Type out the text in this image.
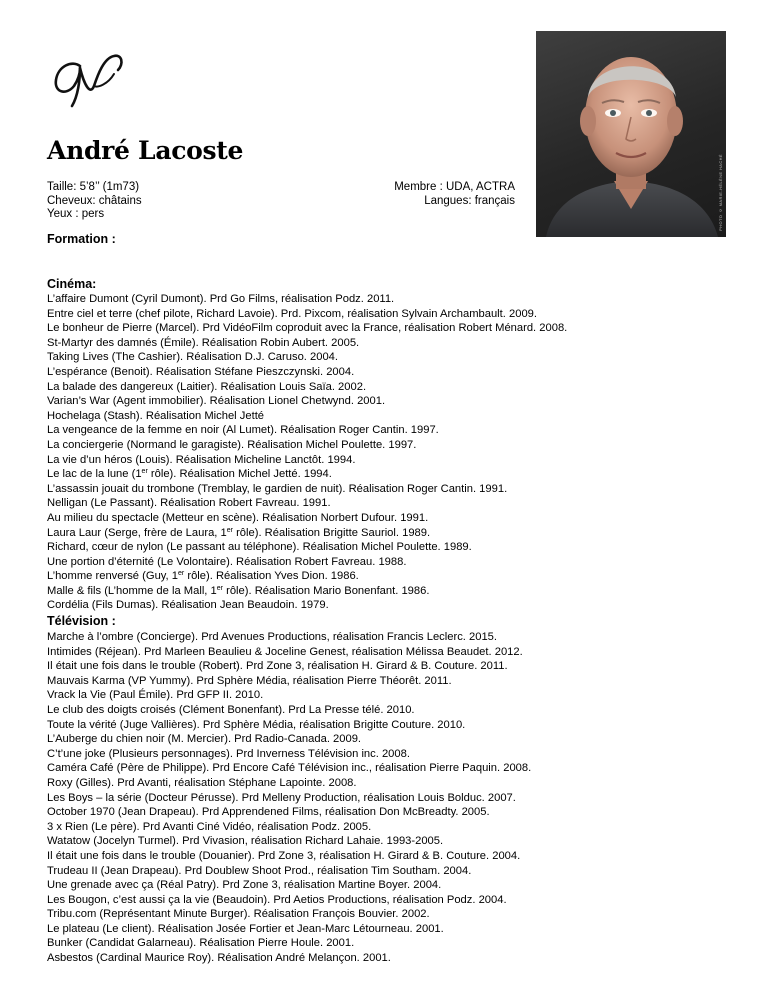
André Lacoste
Taille: 5’8’’ (1m73)
Cheveux: châtains
Yeux : pers
Membre : UDA, ACTRA
Langues: français	PHOTO © MARIE-HÉLÈNE HACHÉ
Formation :
Cinéma:
L’affaire Dumont (Cyril Dumont). Prd Go Films, réalisation Podz. 2011.
Entre ciel et terre (chef pilote, Richard Lavoie). Prd. Pixcom, réalisation Sylvain Archambault. 2009.
Le bonheur de Pierre (Marcel). Prd VidéoFilm coproduit avec la France, réalisation Robert Ménard. 2008.
St-Martyr des damnés (Émile). Réalisation Robin Aubert. 2005.
Taking Lives (The Cashier). Réalisation D.J. Caruso. 2004.
L’espérance (Benoit). Réalisation Stéfane Pieszczynski. 2004.
La balade des dangereux (Laitier). Réalisation Louis Saïa. 2002.
Varian’s War (Agent immobilier). Réalisation Lionel Chetwynd. 2001.
Hochelaga (Stash). Réalisation Michel Jetté
La vengeance de la femme en noir (Al Lumet). Réalisation Roger Cantin. 1997.
La conciergerie (Normand le garagiste). Réalisation Michel Poulette. 1997.
La vie d’un héros (Louis). Réalisation Micheline Lanctôt. 1994.
Le lac de la lune (1er rôle). Réalisation Michel Jetté. 1994.
L’assassin jouait du trombone (Tremblay, le gardien de nuit). Réalisation Roger Cantin. 1991.
Nelligan (Le Passant). Réalisation Robert Favreau. 1991.
Au milieu du spectacle (Metteur en scène). Réalisation Norbert Dufour. 1991.
Laura Laur (Serge, frère de Laura, 1er rôle). Réalisation Brigitte Sauriol. 1989.
Richard, cœur de nylon (Le passant au téléphone). Réalisation Michel Poulette. 1989.
Une portion d’éternité (Le Volontaire). Réalisation Robert Favreau. 1988.
L’homme renversé (Guy, 1er rôle). Réalisation Yves Dion. 1986.
Malle & fils (L’homme de la Mall, 1er rôle). Réalisation Mario Bonenfant. 1986.
Cordélia (Fils Dumas). Réalisation Jean Beaudoin. 1979.
Télévision :
Marche à l’ombre (Concierge). Prd Avenues Productions, réalisation Francis Leclerc. 2015.
Intimides (Réjean). Prd Marleen Beaulieu & Joceline Genest, réalisation Mélissa Beaudet. 2012.
Il était une fois dans le trouble (Robert). Prd Zone 3, réalisation H. Girard & B. Couture. 2011.
Mauvais Karma (VP Yummy). Prd Sphère Média, réalisation Pierre Théorêt. 2011.
Vrack la Vie (Paul Émile). Prd GFP II. 2010.
Le club des doigts croisés (Clément Bonenfant). Prd La Presse télé. 2010.
Toute la vérité (Juge Vallières). Prd Sphère Média, réalisation Brigitte Couture. 2010.
L’Auberge du chien noir (M. Mercier). Prd Radio-Canada. 2009.
C’t’une joke (Plusieurs personnages). Prd Inverness Télévision inc. 2008.
Caméra Café (Père de Philippe). Prd Encore Café Télévision inc., réalisation Pierre Paquin. 2008.
Roxy (Gilles). Prd Avanti, réalisation Stéphane Lapointe. 2008.
Les Boys – la série (Docteur Pérusse). Prd Melleny Production, réalisation Louis Bolduc. 2007.
October 1970 (Jean Drapeau). Prd Apprendened Films, réalisation Don McBreadty. 2005.
3 x Rien (Le père). Prd Avanti Ciné Vidéo, réalisation Podz. 2005.
Watatow (Jocelyn Turmel). Prd Vivasion, réalisation Richard Lahaie. 1993-2005.
Il était une fois dans le trouble (Douanier). Prd Zone 3, réalisation H. Girard & B. Couture. 2004.
Trudeau II (Jean Drapeau). Prd Doublew Shoot Prod., réalisation Tim Southam. 2004.
Une grenade avec ça (Réal Patry). Prd Zone 3, réalisation Martine Boyer. 2004.
Les Bougon, c’est aussi ça la vie (Beaudoin). Prd Aetios Productions, réalisation Podz. 2004.
Tribu.com (Représentant Minute Burger). Réalisation François Bouvier. 2002.
Le plateau (Le client). Réalisation Josée Fortier et Jean-Marc Létourneau. 2001.
Bunker (Candidat Galarneau). Réalisation Pierre Houle. 2001.
Asbestos (Cardinal Maurice Roy). Réalisation André Melançon. 2001.
